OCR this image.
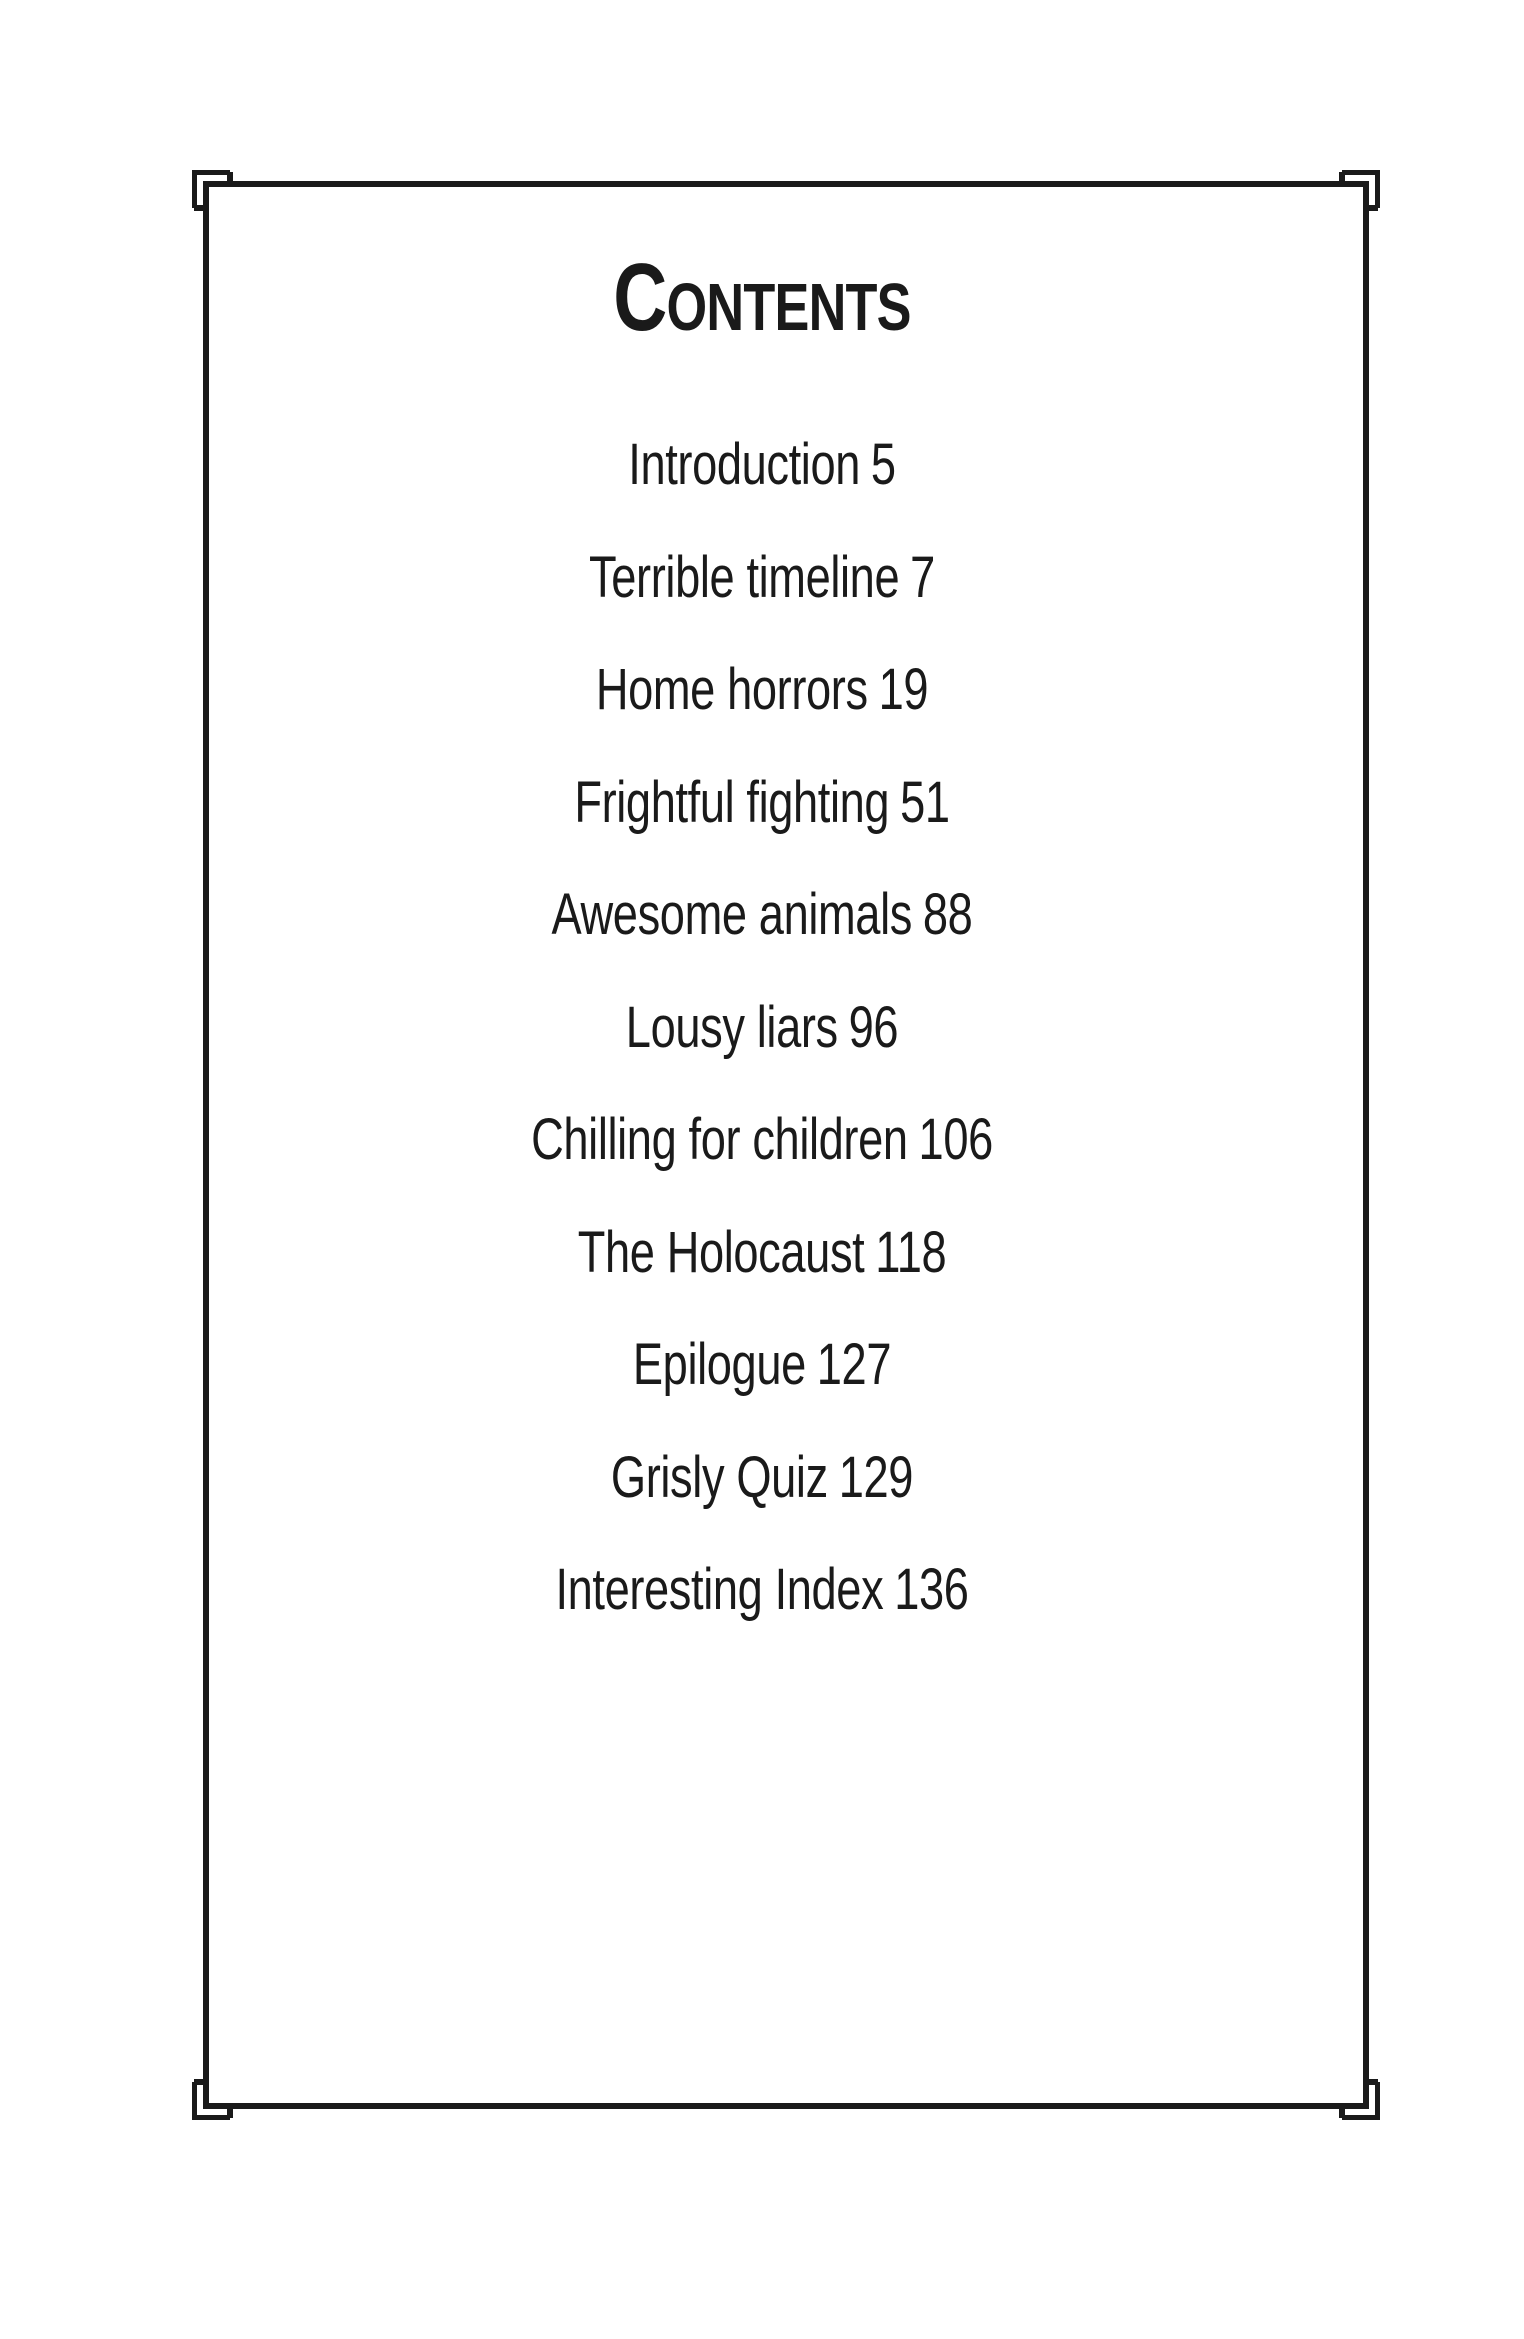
Contents
Introduction 5
Terrible timeline 7
Home horrors 19
Frightful fighting 51
Awesome animals 88
Lousy liars 96
Chilling for children 106
The Holocaust 118
Epilogue 127
Grisly Quiz 129
Interesting Index 136
